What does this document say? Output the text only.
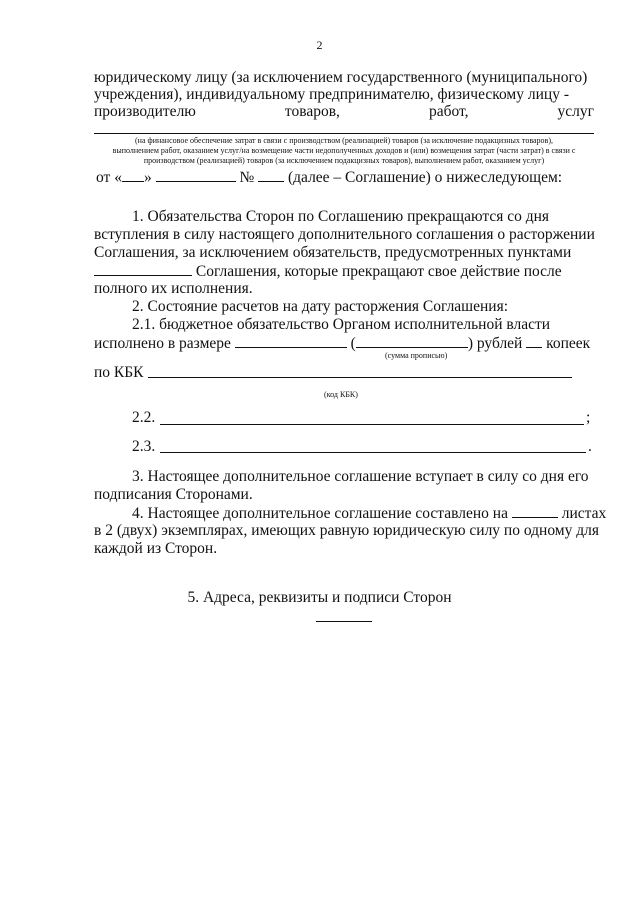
2
юридическому лицу (за исключением государственного (муниципального)
учреждения), индивидуальному предпринимателю, физическому лицу -
производителю	товаров,	работ,	услуг
(на финансовое обеспечение затрат в связи с производством (реализацией) товаров (за исключение подакцизных товаров),
выполнением работ, оказанием услуг/на возмещение части недополученных доходов и (или) возмещения затрат (части затрат) в связи с
производством (реализацией) товаров (за исключением подакцизных товаров), выполнением работ, оказанием услуг)
от « »	№ (далее – Соглашение) о нижеследующем:
1. Обязательства Сторон по Соглашению прекращаются со дня
вступления в силу настоящего дополнительного соглашения о расторжении
Соглашения, за исключением обязательств, предусмотренных пунктами
Соглашения, которые прекращают свое действие после
полного их исполнения.
2. Состояние расчетов на дату расторжения Соглашения:
2.1. бюджетное обязательство Органом исполнительной власти
исполнено в размере	(	) рублей копеек
(сумма прописью)
по КБК
(код КБК)
2.2.	;
2.3.	.
3. Настоящее дополнительное соглашение вступает в силу со дня его
подписания Сторонами.
4. Настоящее дополнительное соглашение составлено на	листах
в 2 (двух) экземплярах, имеющих равную юридическую силу по одному для
каждой из Сторон.
5. Адреса, реквизиты и подписи Сторон
